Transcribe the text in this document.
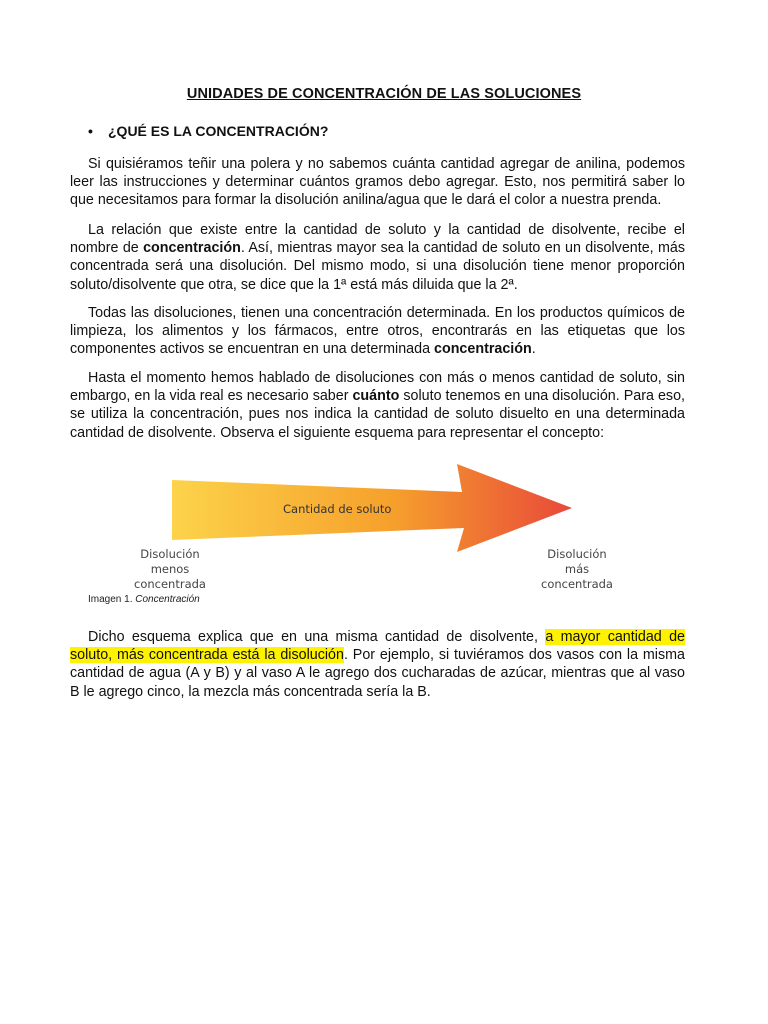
UNIDADES DE CONCENTRACIÓN DE LAS SOLUCIONES
• ¿QUÉ ES LA CONCENTRACIÓN?

Si quisiéramos teñir una polera y no sabemos cuánta cantidad agregar de anilina, podemos leer las instrucciones y determinar cuántos gramos debo agregar. Esto, nos permitirá saber lo que necesitamos para formar la disolución anilina/agua que le dará el color a nuestra prenda.

La relación que existe entre la cantidad de soluto y la cantidad de disolvente, recibe el nombre de concentración. Así, mientras mayor sea la cantidad de soluto en un disolvente, más concentrada será una disolución. Del mismo modo, si una disolución tiene menor proporción soluto/disolvente que otra, se dice que la 1ª está más diluida que la 2ª.

Todas las disoluciones, tienen una concentración determinada. En los productos químicos de limpieza, los alimentos y los fármacos, entre otros, encontrarás en las etiquetas que los componentes activos se encuentran en una determinada concentración.

Hasta el momento hemos hablado de disoluciones con más o menos cantidad de soluto, sin embargo, en la vida real es necesario saber cuánto soluto tenemos en una disolución. Para eso, se utiliza la concentración, pues nos indica la cantidad de soluto disuelto en una determinada cantidad de disolvente. Observa el siguiente esquema para representar el concepto:

Cantidad de soluto
Disolución
menos
concentrada
Disolución
más
concentrada
Imagen 1. Concentración

Dicho esquema explica que en una misma cantidad de disolvente, a mayor cantidad de soluto, más concentrada está la disolución. Por ejemplo, si tuviéramos dos vasos con la misma cantidad de agua (A y B) y al vaso A le agrego dos cucharadas de azúcar, mientras que al vaso B le agrego cinco, la mezcla más concentrada sería la B.
